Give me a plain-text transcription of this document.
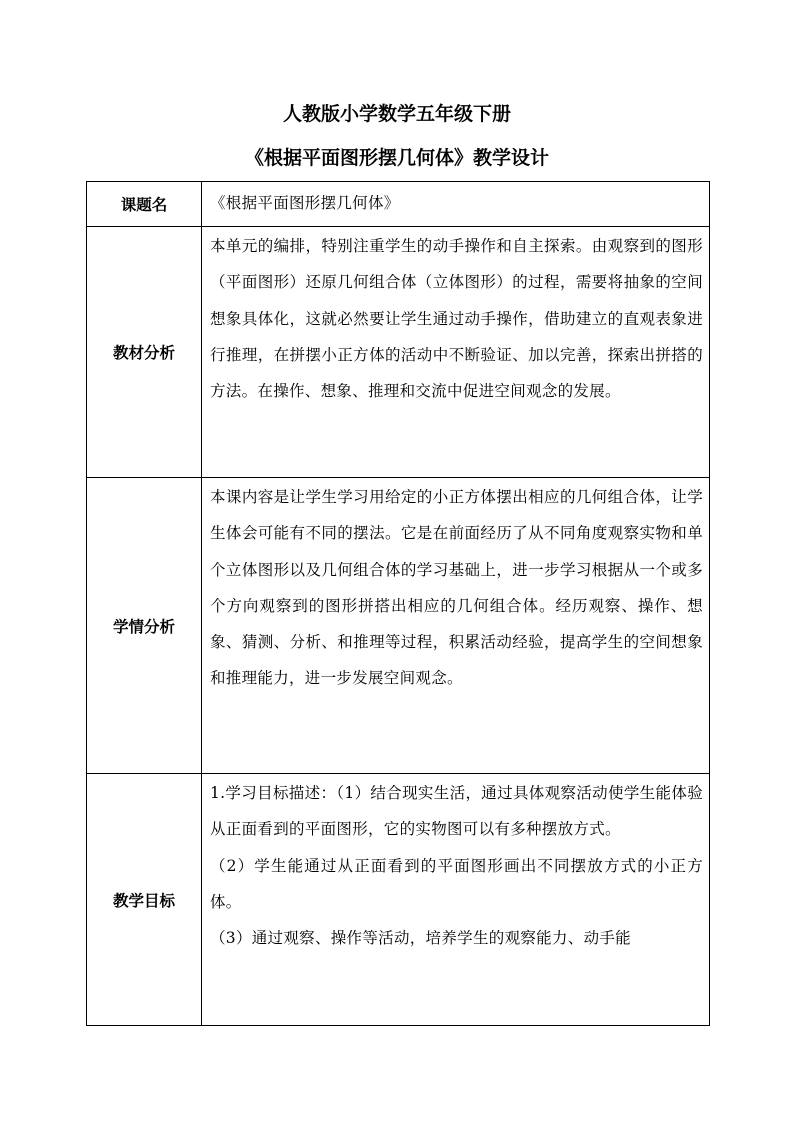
人教版小学数学五年级下册
《根据平面图形摆几何体》教学设计
课题名	《根据平面图形摆几何体》

教材分析	本单元的编排，特别注重学生的动手操作和自主探索。由观察到的图形（平面图形）还原几何组合体（立体图形）的过程，需要将抽象的空间想象具体化，这就必然要让学生通过动手操作，借助建立的直观表象进行推理，在拼摆小正方体的活动中不断验证、加以完善，探索出拼搭的方法。在操作、想象、推理和交流中促进空间观念的发展。

学情分析	本课内容是让学生学习用给定的小正方体摆出相应的几何组合体，让学生体会可能有不同的摆法。它是在前面经历了从不同角度观察实物和单个立体图形以及几何组合体的学习基础上，进一步学习根据从一个或多个方向观察到的图形拼搭出相应的几何组合体。经历观察、操作、想象、猜测、分析、和推理等过程，积累活动经验，提高学生的空间想象和推理能力，进一步发展空间观念。

教学目标	1.学习目标描述：（1）结合现实生活，通过具体观察活动使学生能体验从正面看到的平面图形，它的实物图可以有多种摆放方式。
（2）学生能通过从正面看到的平面图形画出不同摆放方式的小正方体。
（3）通过观察、操作等活动，培养学生的观察能力、动手能
